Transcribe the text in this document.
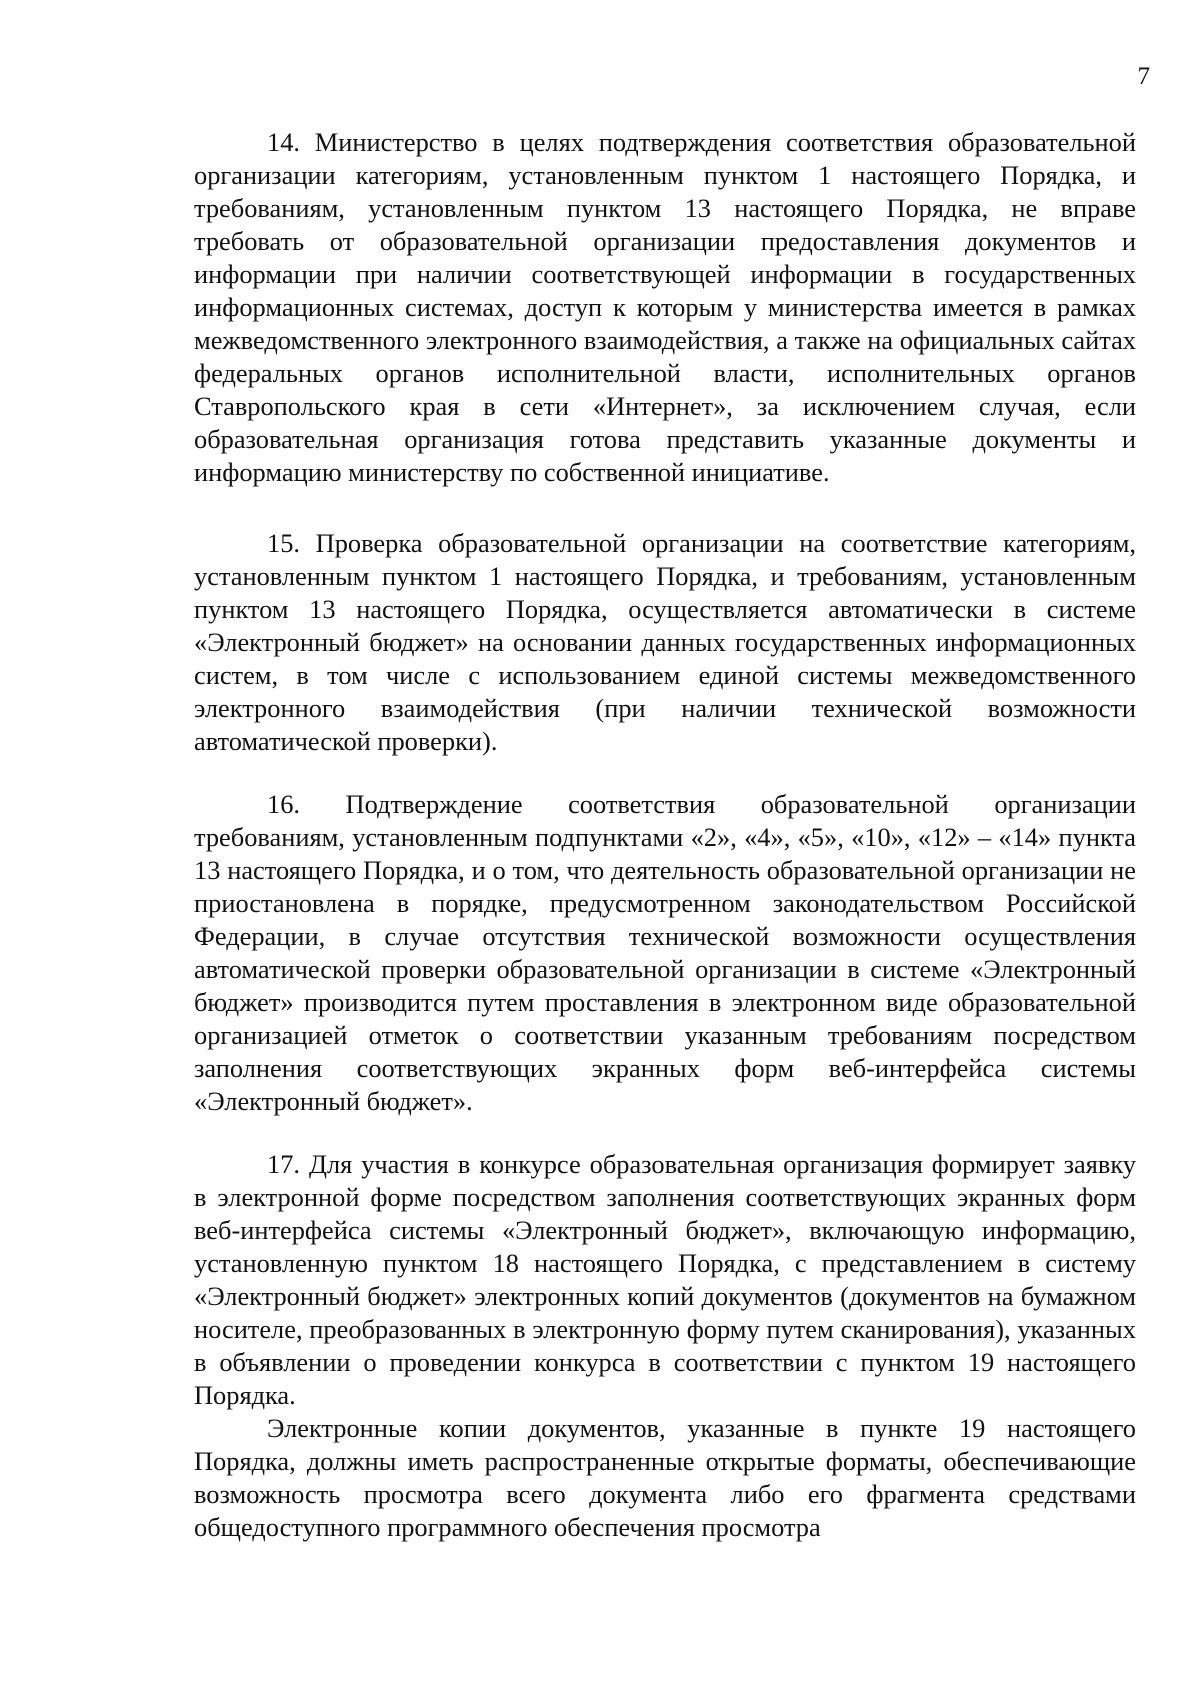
7

14. Министерство в целях подтверждения соответствия образовательной организации категориям, установленным пунктом 1 настоящего Порядка, и требованиям, установленным пунктом 13 настоящего Порядка, не вправе требовать от образовательной организации предоставления документов и информации при наличии соответствующей информации в государственных информационных системах, доступ к которым у министерства имеется в рамках межведомственного электронного взаимодействия, а также на официальных сайтах федеральных органов исполнительной власти, исполнительных органов Ставропольского края в сети «Интернет», за исключением случая, если образовательная организация готова представить указанные документы и информацию министерству по собственной инициативе.

15. Проверка образовательной организации на соответствие категориям, установленным пунктом 1 настоящего Порядка, и требованиям, установленным пунктом 13 настоящего Порядка, осуществляется автоматически в системе «Электронный бюджет» на основании данных государственных информационных систем, в том числе с использованием единой системы межведомственного электронного взаимодействия (при наличии технической возможности автоматической проверки).

16. Подтверждение соответствия образовательной организации требованиям, установленным подпунктами «2», «4», «5», «10», «12» – «14» пункта 13 настоящего Порядка, и о том, что деятельность образовательной организации не приостановлена в порядке, предусмотренном законодательством Российской Федерации, в случае отсутствия технической возможности осуществления автоматической проверки образовательной организации в системе «Электронный бюджет» производится путем проставления в электронном виде образовательной организацией отметок о соответствии указанным требованиям посредством заполнения соответствующих экранных форм веб-интерфейса системы «Электронный бюджет».

17. Для участия в конкурсе образовательная организация формирует заявку в электронной форме посредством заполнения соответствующих экранных форм веб-интерфейса системы «Электронный бюджет», включающую информацию, установленную пунктом 18 настоящего Порядка, с представлением в систему «Электронный бюджет» электронных копий документов (документов на бумажном носителе, преобразованных в электронную форму путем сканирования), указанных в объявлении о проведении конкурса в соответствии с пунктом 19 настоящего Порядка.

Электронные копии документов, указанные в пункте 19 настоящего Порядка, должны иметь распространенные открытые форматы, обеспечивающие возможность просмотра всего документа либо его фрагмента средствами общедоступного программного обеспечения просмотра
